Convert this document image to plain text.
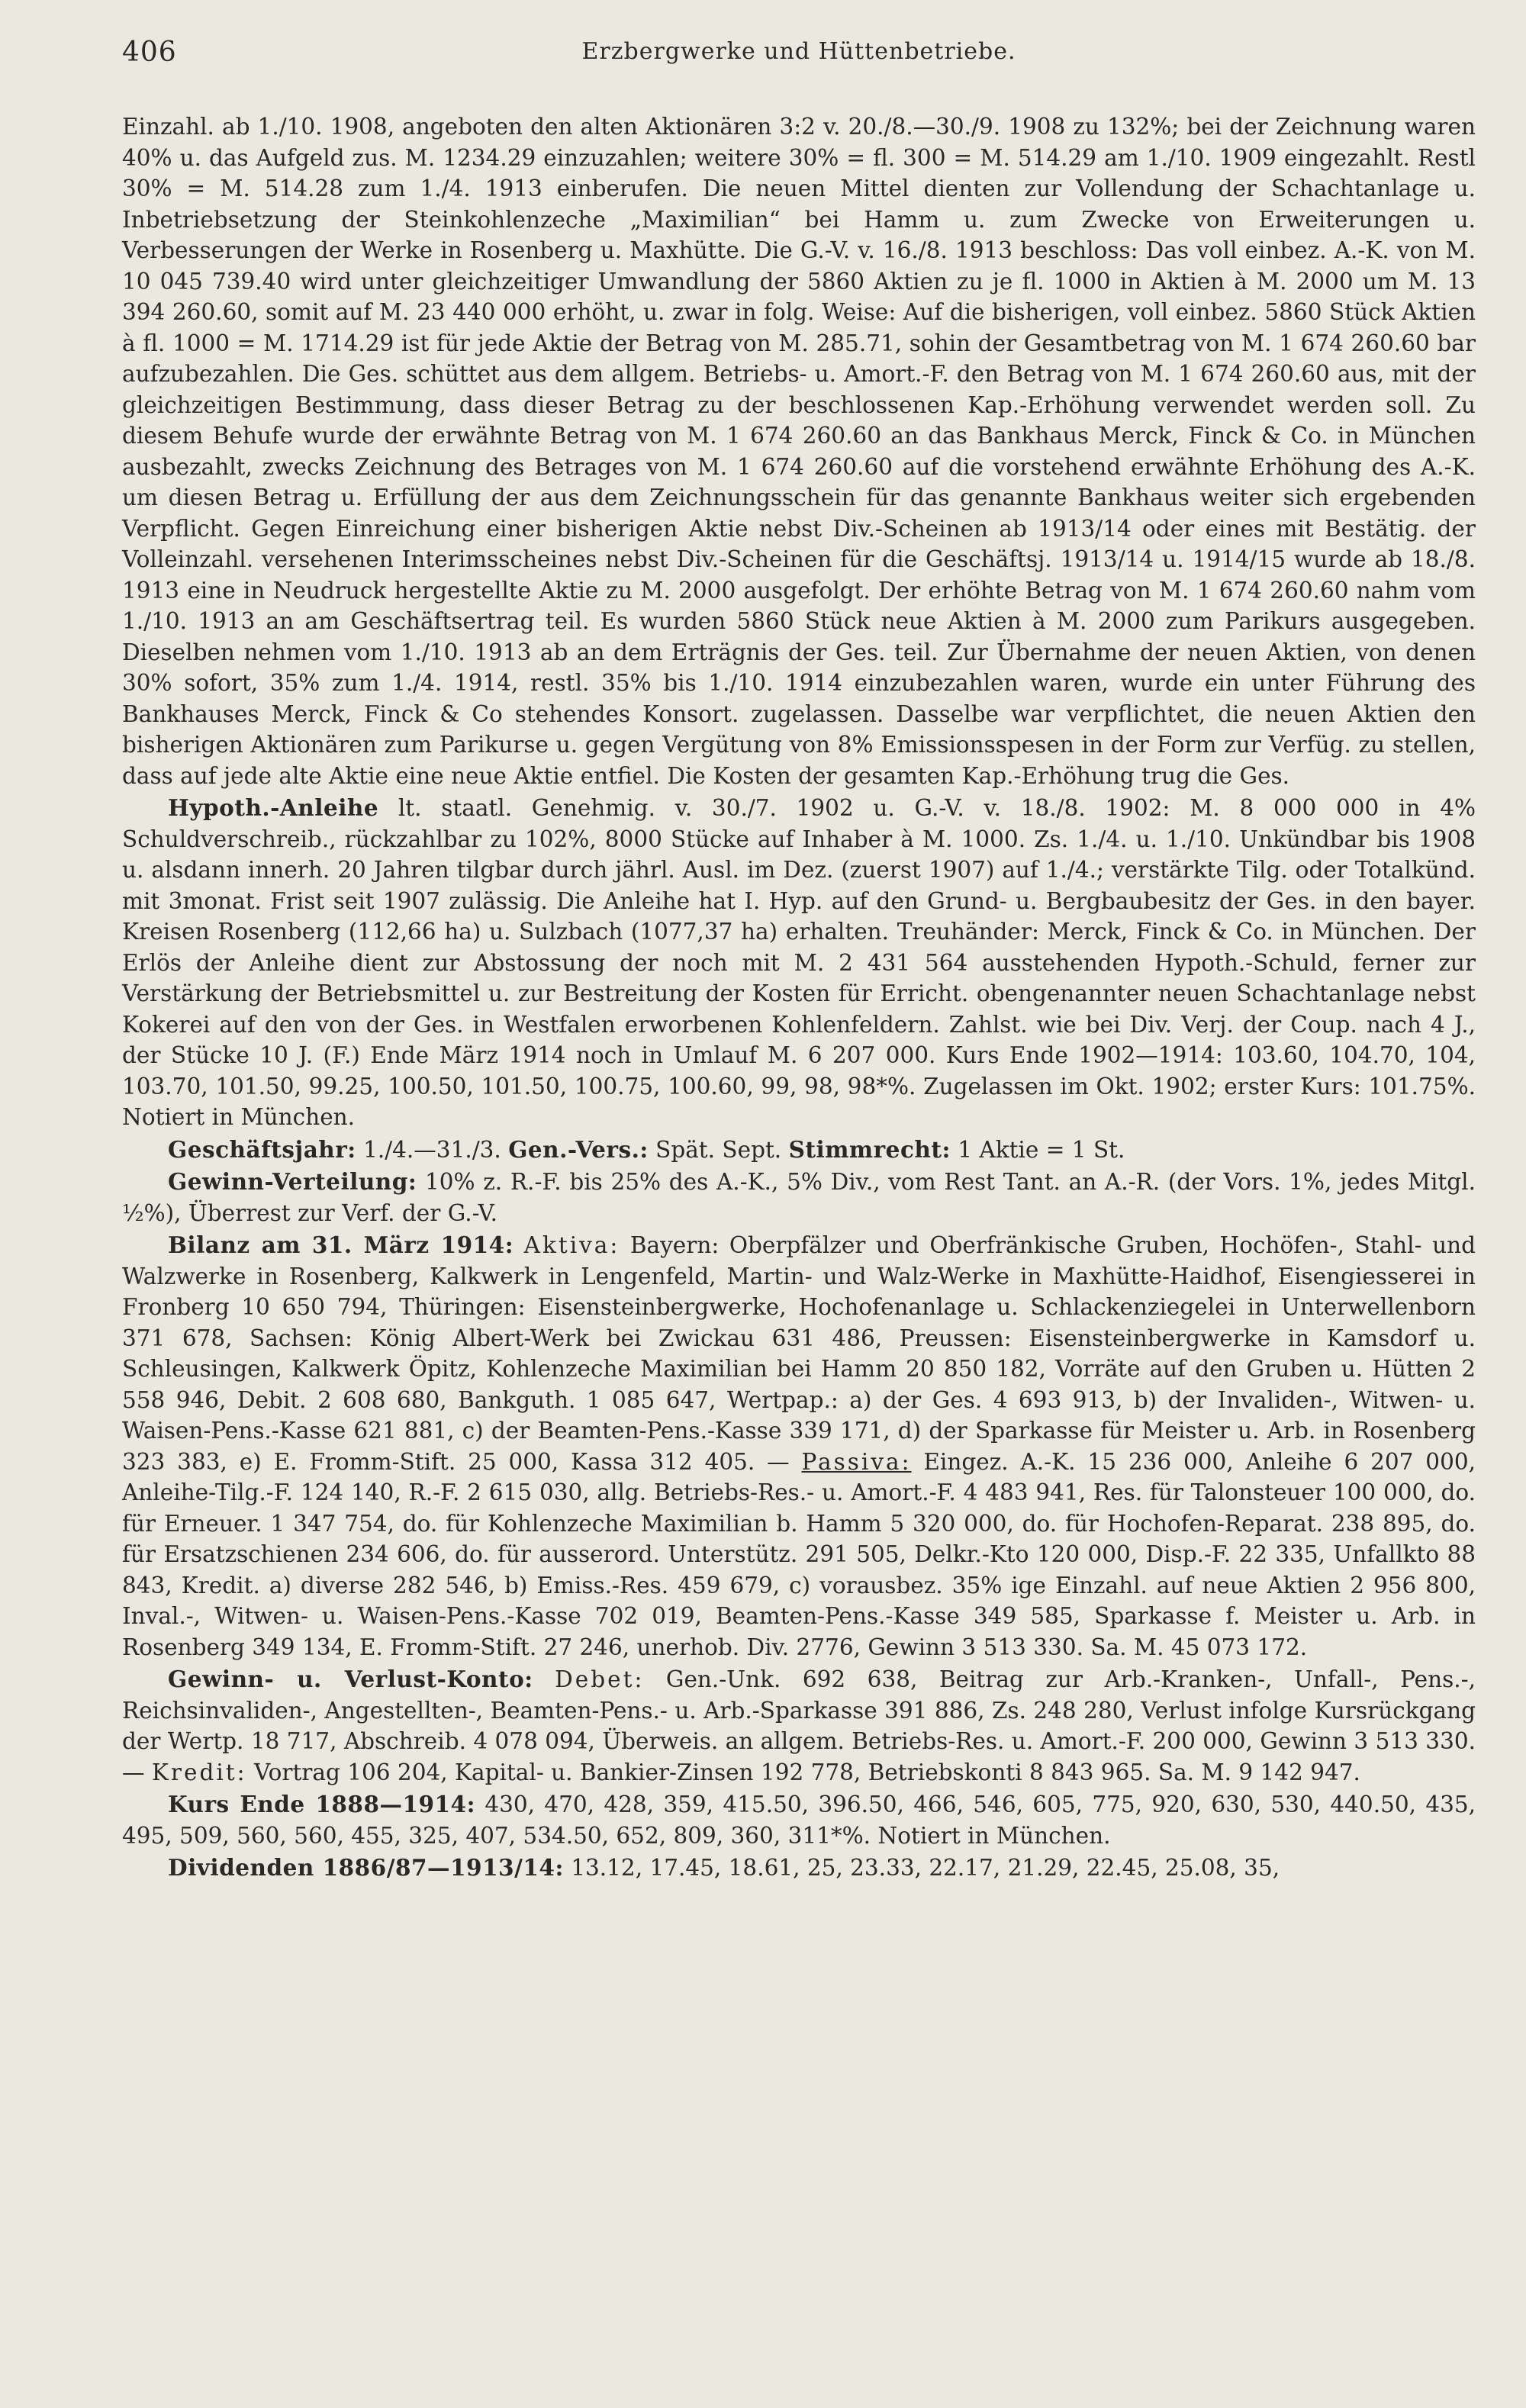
406	Erzbergwerke und Hüttenbetriebe.

Einzahl. ab 1./10. 1908, angeboten den alten Aktionären 3:2 v. 20./8.—30./9. 1908 zu 132%; bei der Zeichnung waren 40% u. das Aufgeld zus. M. 1234.29 einzuzahlen; weitere 30% = fl. 300 = M. 514.29 am 1./10. 1909 eingezahlt. Restl 30% = M. 514.28 zum 1./4. 1913 einberufen. Die neuen Mittel dienten zur Vollendung der Schachtanlage u. Inbetriebsetzung der Steinkohlenzeche „Maximilian“ bei Hamm u. zum Zwecke von Erweiterungen u. Verbesserungen der Werke in Rosenberg u. Maxhütte. Die G.-V. v. 16./8. 1913 beschloss: Das voll einbez. A.-K. von M. 10 045 739.40 wird unter gleichzeitiger Umwandlung der 5860 Aktien zu je fl. 1000 in Aktien à M. 2000 um M. 13 394 260.60, somit auf M. 23 440 000 erhöht, u. zwar in folg. Weise: Auf die bisherigen, voll einbez. 5860 Stück Aktien à fl. 1000 = M. 1714.29 ist für jede Aktie der Betrag von M. 285.71, sohin der Gesamtbetrag von M. 1 674 260.60 bar aufzubezahlen. Die Ges. schüttet aus dem allgem. Betriebs- u. Amort.-F. den Betrag von M. 1 674 260.60 aus, mit der gleichzeitigen Bestimmung, dass dieser Betrag zu der beschlossenen Kap.-Erhöhung verwendet werden soll. Zu diesem Behufe wurde der erwähnte Betrag von M. 1 674 260.60 an das Bankhaus Merck, Finck & Co. in München ausbezahlt, zwecks Zeichnung des Betrages von M. 1 674 260.60 auf die vorstehend erwähnte Erhöhung des A.-K. um diesen Betrag u. Erfüllung der aus dem Zeichnungsschein für das genannte Bankhaus weiter sich ergebenden Verpflicht. Gegen Einreichung einer bisherigen Aktie nebst Div.-Scheinen ab 1913/14 oder eines mit Bestätig. der Volleinzahl. versehenen Interimsscheines nebst Div.-Scheinen für die Geschäftsj. 1913/14 u. 1914/15 wurde ab 18./8. 1913 eine in Neudruck hergestellte Aktie zu M. 2000 ausgefolgt. Der erhöhte Betrag von M. 1 674 260.60 nahm vom 1./10. 1913 an am Geschäftsertrag teil. Es wurden 5860 Stück neue Aktien à M. 2000 zum Parikurs ausgegeben. Dieselben nehmen vom 1./10. 1913 ab an dem Erträgnis der Ges. teil. Zur Übernahme der neuen Aktien, von denen 30% sofort, 35% zum 1./4. 1914, restl. 35% bis 1./10. 1914 einzubezahlen waren, wurde ein unter Führung des Bankhauses Merck, Finck & Co stehendes Konsort. zugelassen. Dasselbe war verpflichtet, die neuen Aktien den bisherigen Aktionären zum Parikurse u. gegen Vergütung von 8% Emissionsspesen in der Form zur Verfüg. zu stellen, dass auf jede alte Aktie eine neue Aktie entfiel. Die Kosten der gesamten Kap.-Erhöhung trug die Ges.

Hypoth.-Anleihe lt. staatl. Genehmig. v. 30./7. 1902 u. G.-V. v. 18./8. 1902: M. 8 000 000 in 4% Schuldverschreib., rückzahlbar zu 102%, 8000 Stücke auf Inhaber à M. 1000. Zs. 1./4. u. 1./10. Unkündbar bis 1908 u. alsdann innerh. 20 Jahren tilgbar durch jährl. Ausl. im Dez. (zuerst 1907) auf 1./4.; verstärkte Tilg. oder Totalkünd. mit 3monat. Frist seit 1907 zulässig. Die Anleihe hat I. Hyp. auf den Grund- u. Bergbaubesitz der Ges. in den bayer. Kreisen Rosenberg (112,66 ha) u. Sulzbach (1077,37 ha) erhalten. Treuhänder: Merck, Finck & Co. in München. Der Erlös der Anleihe dient zur Abstossung der noch mit M. 2 431 564 ausstehenden Hypoth.-Schuld, ferner zur Verstärkung der Betriebsmittel u. zur Bestreitung der Kosten für Erricht. obengenannter neuen Schachtanlage nebst Kokerei auf den von der Ges. in Westfalen erworbenen Kohlenfeldern. Zahlst. wie bei Div. Verj. der Coup. nach 4 J., der Stücke 10 J. (F.) Ende März 1914 noch in Umlauf M. 6 207 000. Kurs Ende 1902—1914: 103.60, 104.70, 104, 103.70, 101.50, 99.25, 100.50, 101.50, 100.75, 100.60, 99, 98, 98*%. Zugelassen im Okt. 1902; erster Kurs: 101.75%. Notiert in München.

Geschäftsjahr: 1./4.—31./3. Gen.-Vers.: Spät. Sept. Stimmrecht: 1 Aktie = 1 St.

Gewinn-Verteilung: 10% z. R.-F. bis 25% des A.-K., 5% Div., vom Rest Tant. an A.-R. (der Vors. 1%, jedes Mitgl. ½%), Überrest zur Verf. der G.-V.

Bilanz am 31. März 1914: Aktiva: Bayern: Oberpfälzer und Oberfränkische Gruben, Hochöfen-, Stahl- und Walzwerke in Rosenberg, Kalkwerk in Lengenfeld, Martin- und Walz-Werke in Maxhütte-Haidhof, Eisengiesserei in Fronberg 10 650 794, Thüringen: Eisensteinbergwerke, Hochofenanlage u. Schlackenziegelei in Unterwellenborn 371 678, Sachsen: König Albert-Werk bei Zwickau 631 486, Preussen: Eisensteinbergwerke in Kamsdorf u. Schleusingen, Kalkwerk Öpitz, Kohlenzeche Maximilian bei Hamm 20 850 182, Vorräte auf den Gruben u. Hütten 2 558 946, Debit. 2 608 680, Bankguth. 1 085 647, Wertpap.: a) der Ges. 4 693 913, b) der Invaliden-, Witwen- u. Waisen-Pens.-Kasse 621 881, c) der Beamten-Pens.-Kasse 339 171, d) der Sparkasse für Meister u. Arb. in Rosenberg 323 383, e) E. Fromm-Stift. 25 000, Kassa 312 405. — Passiva: Eingez. A.-K. 15 236 000, Anleihe 6 207 000, Anleihe-Tilg.-F. 124 140, R.-F. 2 615 030, allg. Betriebs-Res.- u. Amort.-F. 4 483 941, Res. für Talonsteuer 100 000, do. für Erneuer. 1 347 754, do. für Kohlenzeche Maximilian b. Hamm 5 320 000, do. für Hochofen-Reparat. 238 895, do. für Ersatzschienen 234 606, do. für ausserord. Unterstütz. 291 505, Delkr.-Kto 120 000, Disp.-F. 22 335, Unfallkto 88 843, Kredit. a) diverse 282 546, b) Emiss.-Res. 459 679, c) vorausbez. 35% ige Einzahl. auf neue Aktien 2 956 800, Inval.-, Witwen- u. Waisen-Pens.-Kasse 702 019, Beamten-Pens.-Kasse 349 585, Sparkasse f. Meister u. Arb. in Rosenberg 349 134, E. Fromm-Stift. 27 246, unerhob. Div. 2776, Gewinn 3 513 330. Sa. M. 45 073 172.

Gewinn- u. Verlust-Konto: Debet: Gen.-Unk. 692 638, Beitrag zur Arb.-Kranken-, Unfall-, Pens.-, Reichsinvaliden-, Angestellten-, Beamten-Pens.- u. Arb.-Sparkasse 391 886, Zs. 248 280, Verlust infolge Kursrückgang der Wertp. 18 717, Abschreib. 4 078 094, Überweis. an allgem. Betriebs-Res. u. Amort.-F. 200 000, Gewinn 3 513 330. — Kredit: Vortrag 106 204, Kapital- u. Bankier-Zinsen 192 778, Betriebskonti 8 843 965. Sa. M. 9 142 947.

Kurs Ende 1888—1914: 430, 470, 428, 359, 415.50, 396.50, 466, 546, 605, 775, 920, 630, 530, 440.50, 435, 495, 509, 560, 560, 455, 325, 407, 534.50, 652, 809, 360, 311*%. Notiert in München.

Dividenden 1886/87—1913/14: 13.12, 17.45, 18.61, 25, 23.33, 22.17, 21.29, 22.45, 25.08, 35,
